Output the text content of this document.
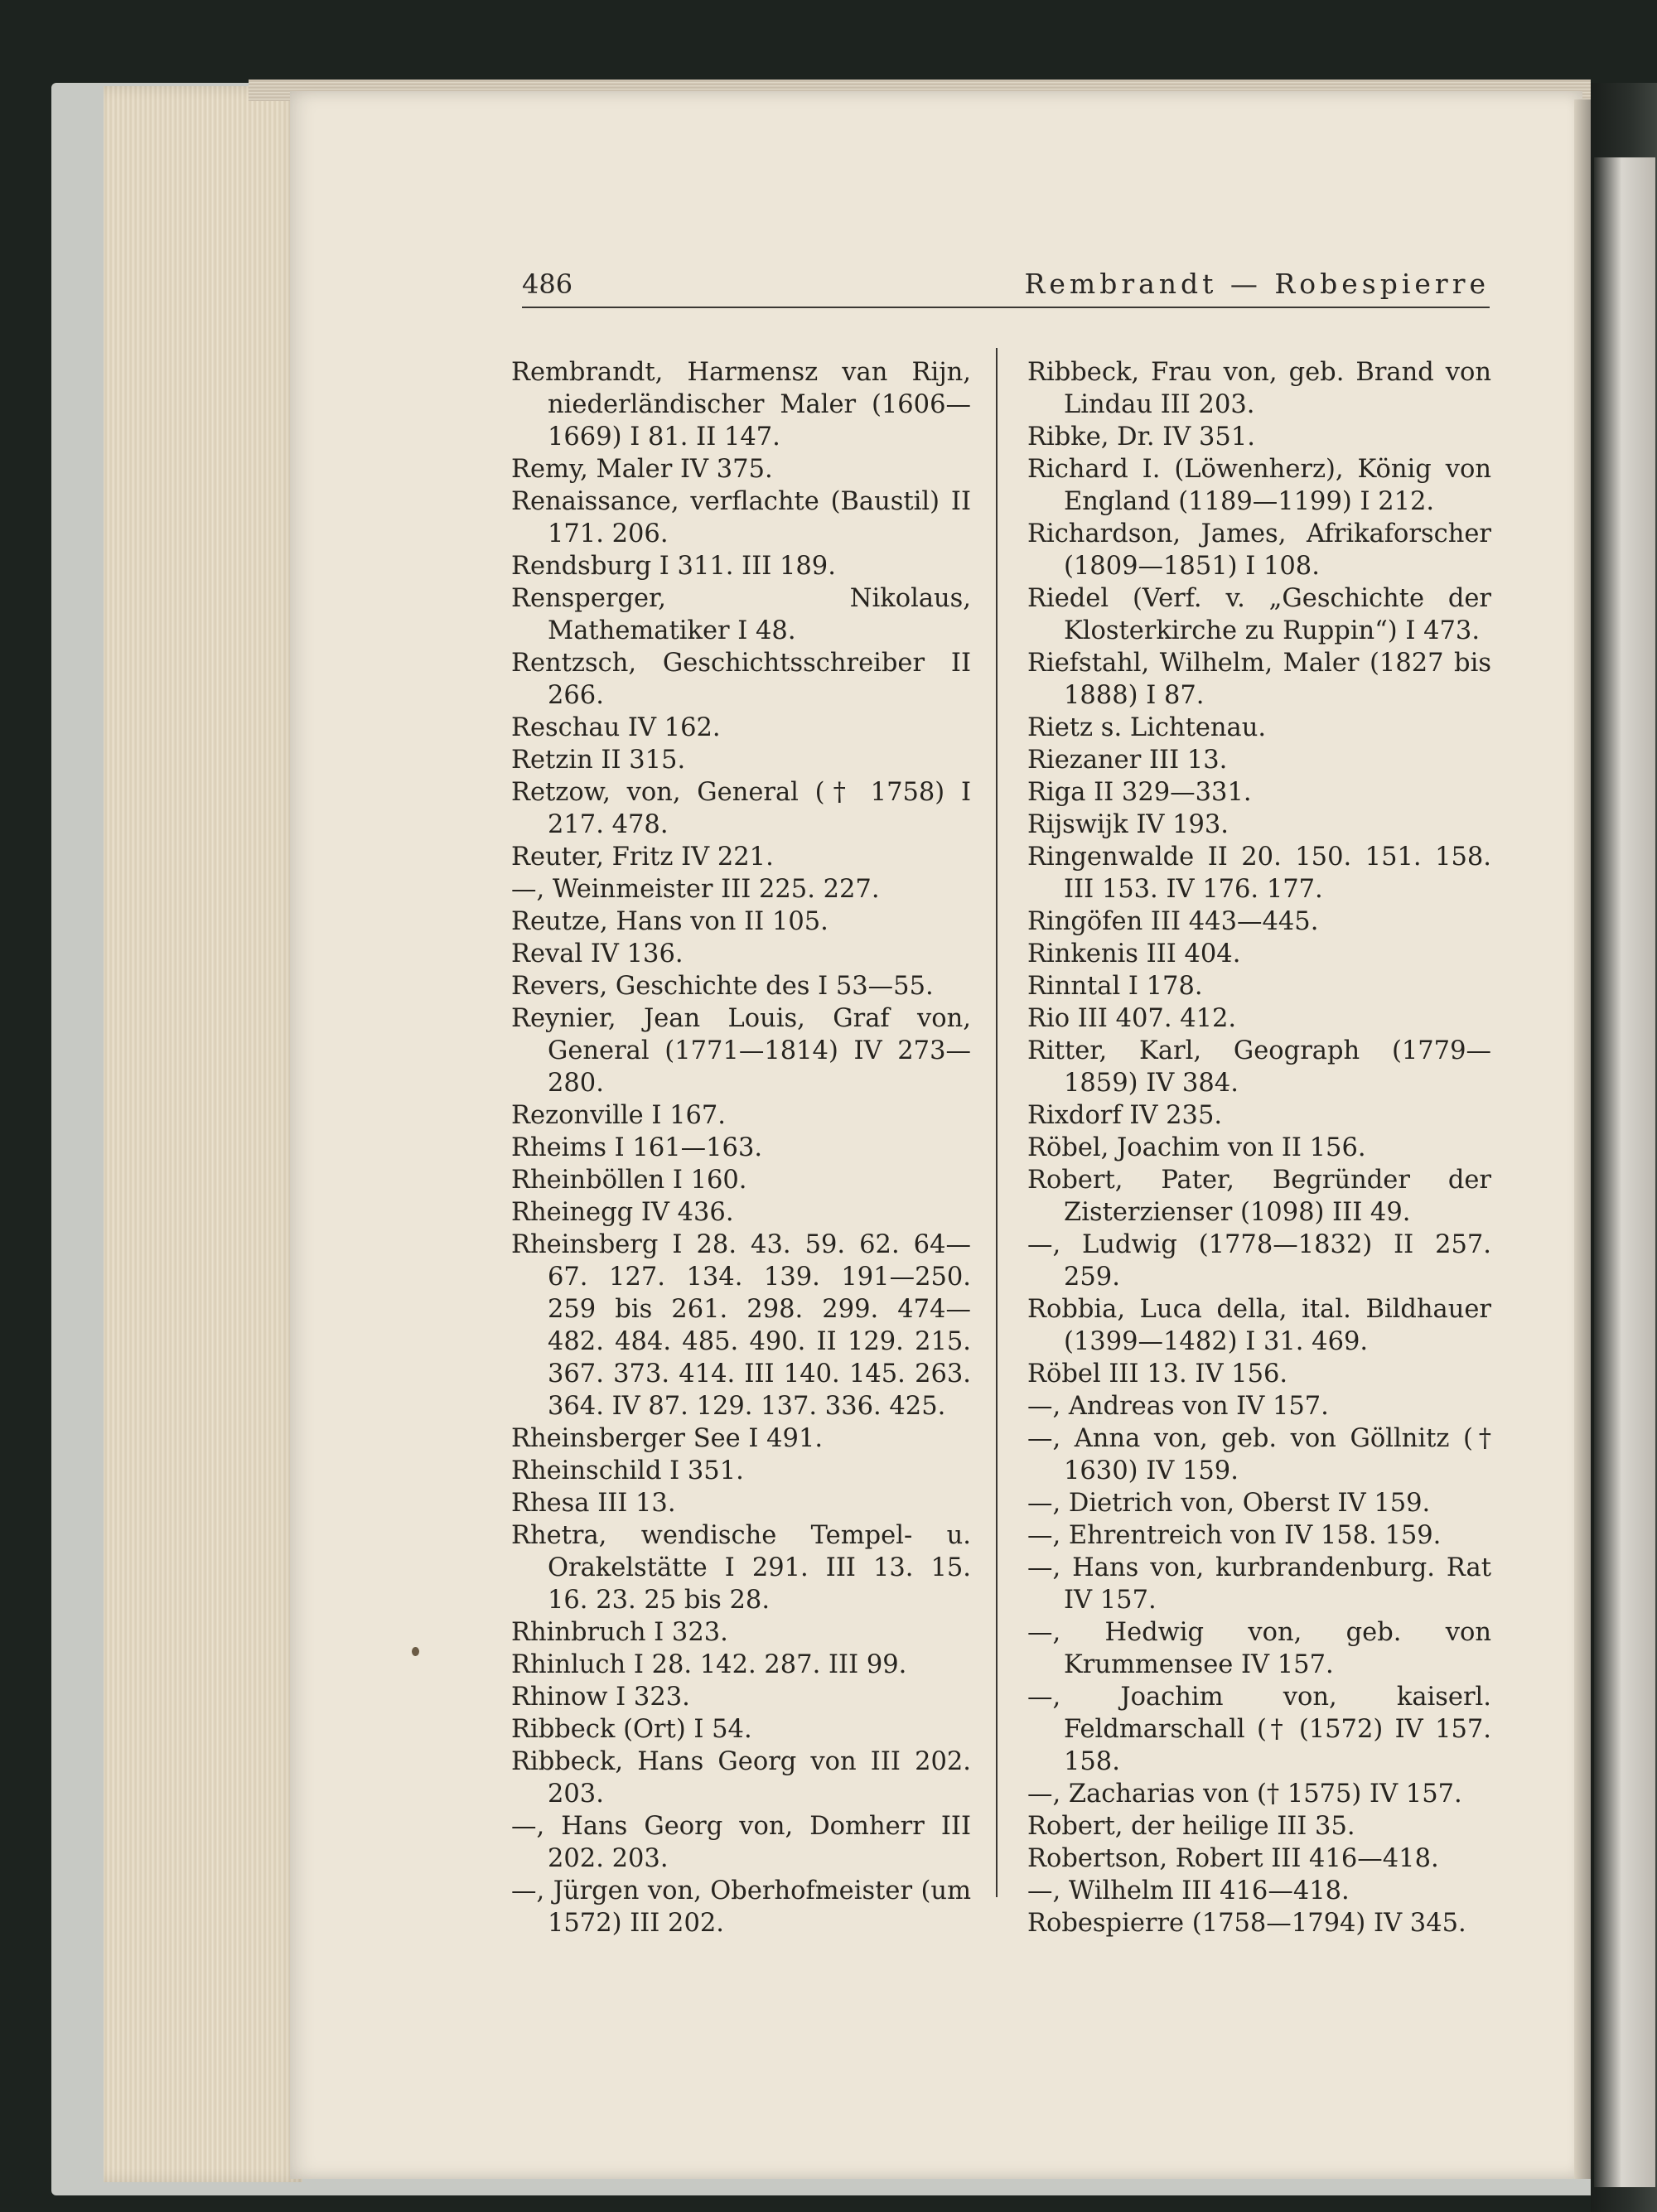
486	Rembrandt — Robespierre
Rembrandt, Harmensz van Rijn, niederländischer Maler (1606—1669) I 81. II 147.
Remy, Maler IV 375.
Renaissance, verflachte (Baustil) II 171. 206.
Rendsburg I 311. III 189.
Rensperger, Nikolaus, Mathematiker I 48.
Rentzsch, Geschichtsschreiber II 266.
Reschau IV 162.
Retzin II 315.
Retzow, von, General († 1758) I 217. 478.
Reuter, Fritz IV 221.
—, Weinmeister III 225. 227.
Reutze, Hans von II 105.
Reval IV 136.
Revers, Geschichte des I 53—55.
Reynier, Jean Louis, Graf von, General (1771—1814) IV 273—280.
Rezonville I 167.
Rheims I 161—163.
Rheinböllen I 160.
Rheinegg IV 436.
Rheinsberg I 28. 43. 59. 62. 64—67. 127. 134. 139. 191—250. 259 bis 261. 298. 299. 474—482. 484. 485. 490. II 129. 215. 367. 373. 414. III 140. 145. 263. 364. IV 87. 129. 137. 336. 425.
Rheinsberger See I 491.
Rheinschild I 351.
Rhesa III 13.
Rhetra, wendische Tempel- u. Orakelstätte I 291. III 13. 15. 16. 23. 25 bis 28.
Rhinbruch I 323.
Rhinluch I 28. 142. 287. III 99.
Rhinow I 323.
Ribbeck (Ort) I 54.
Ribbeck, Hans Georg von III 202. 203.
—, Hans Georg von, Domherr III 202. 203.
—, Jürgen von, Oberhofmeister (um 1572) III 202.
Ribbeck, Frau von, geb. Brand von Lindau III 203.
Ribke, Dr. IV 351.
Richard I. (Löwenherz), König von England (1189—1199) I 212.
Richardson, James, Afrikaforscher (1809—1851) I 108.
Riedel (Verf. v. „Geschichte der Klosterkirche zu Ruppin“) I 473.
Riefstahl, Wilhelm, Maler (1827 bis 1888) I 87.
Rietz s. Lichtenau.
Riezaner III 13.
Riga II 329—331.
Rijswijk IV 193.
Ringenwalde II 20. 150. 151. 158. III 153. IV 176. 177.
Ringöfen III 443—445.
Rinkenis III 404.
Rinntal I 178.
Rio III 407. 412.
Ritter, Karl, Geograph (1779—1859) IV 384.
Rixdorf IV 235.
Röbel, Joachim von II 156.
Robert, Pater, Begründer der Zisterzienser (1098) III 49.
—, Ludwig (1778—1832) II 257. 259.
Robbia, Luca della, ital. Bildhauer (1399—1482) I 31. 469.
Röbel III 13. IV 156.
—, Andreas von IV 157.
—, Anna von, geb. von Göllnitz († 1630) IV 159.
—, Dietrich von, Oberst IV 159.
—, Ehrentreich von IV 158. 159.
—, Hans von, kurbrandenburg. Rat IV 157.
—, Hedwig von, geb. von Krummensee IV 157.
—, Joachim von, kaiserl. Feldmarschall († (1572) IV 157. 158.
—, Zacharias von († 1575) IV 157.
Robert, der heilige III 35.
Robertson, Robert III 416—418.
—, Wilhelm III 416—418.
Robespierre (1758—1794) IV 345.
